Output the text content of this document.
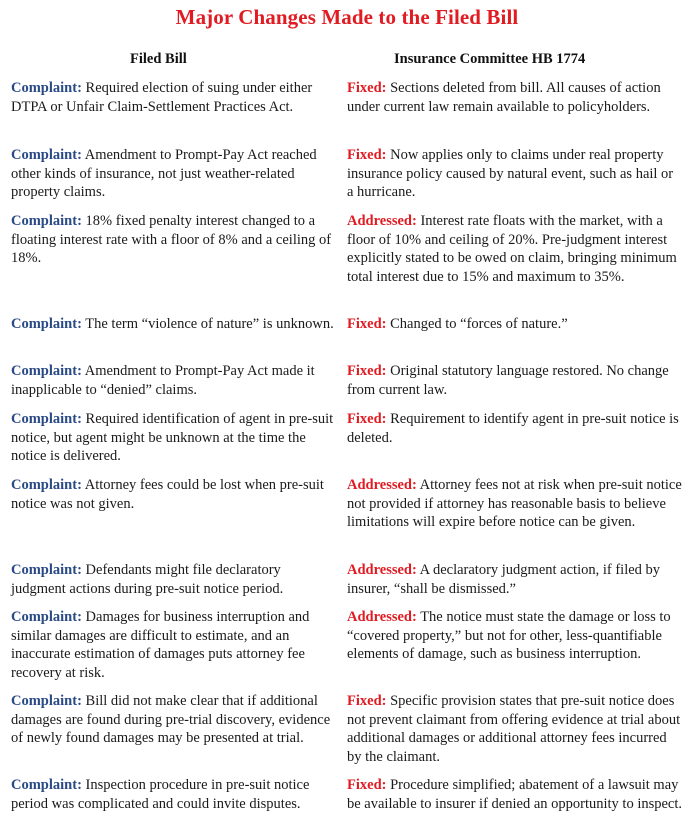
Major Changes Made to the Filed Bill
Filed Bill	Insurance Committee HB 1774
Complaint: Required election of suing under either DTPA or Unfair Claim-Settlement Practices Act.
Fixed: Sections deleted from bill. All causes of action under current law remain available to policyholders.
Complaint: Amendment to Prompt-Pay Act reached other kinds of insurance, not just weather-related property claims.
Fixed: Now applies only to claims under real property insurance policy caused by natural event, such as hail or a hurricane.
Complaint: 18% fixed penalty interest changed to a floating interest rate with a floor of 8% and a ceiling of 18%.
Addressed: Interest rate floats with the market, with a floor of 10% and ceiling of 20%. Pre-judgment interest explicitly stated to be owed on claim, bringing minimum total interest due to 15% and maximum to 35%.
Complaint: The term “violence of nature” is unknown. Fixed: Changed to “forces of nature.”
Complaint: Amendment to Prompt-Pay Act made it inapplicable to “denied” claims.
Fixed: Original statutory language restored. No change from current law.
Complaint: Required identification of agent in pre-suit notice, but agent might be unknown at the time the notice is delivered.
Fixed: Requirement to identify agent in pre-suit notice is deleted.
Complaint: Attorney fees could be lost when pre-suit notice was not given.
Addressed: Attorney fees not at risk when pre-suit notice not provided if attorney has reasonable basis to believe limitations will expire before notice can be given.
Complaint: Defendants might file declaratory judgment actions during pre-suit notice period.
Addressed: A declaratory judgment action, if filed by insurer, “shall be dismissed.”
Complaint: Damages for business interruption and similar damages are difficult to estimate, and an inaccurate estimation of damages puts attorney fee recovery at risk.
Addressed: The notice must state the damage or loss to “covered property,” but not for other, less-quantifiable elements of damage, such as business interruption.
Complaint: Bill did not make clear that if additional damages are found during pre-trial discovery, evidence of newly found damages may be presented at trial.
Fixed: Specific provision states that pre-suit notice does not prevent claimant from offering evidence at trial about additional damages or additional attorney fees incurred by the claimant.
Complaint: Inspection procedure in pre-suit notice period was complicated and could invite disputes.
Fixed: Procedure simplified; abatement of a lawsuit may be available to insurer if denied an opportunity to inspect.
